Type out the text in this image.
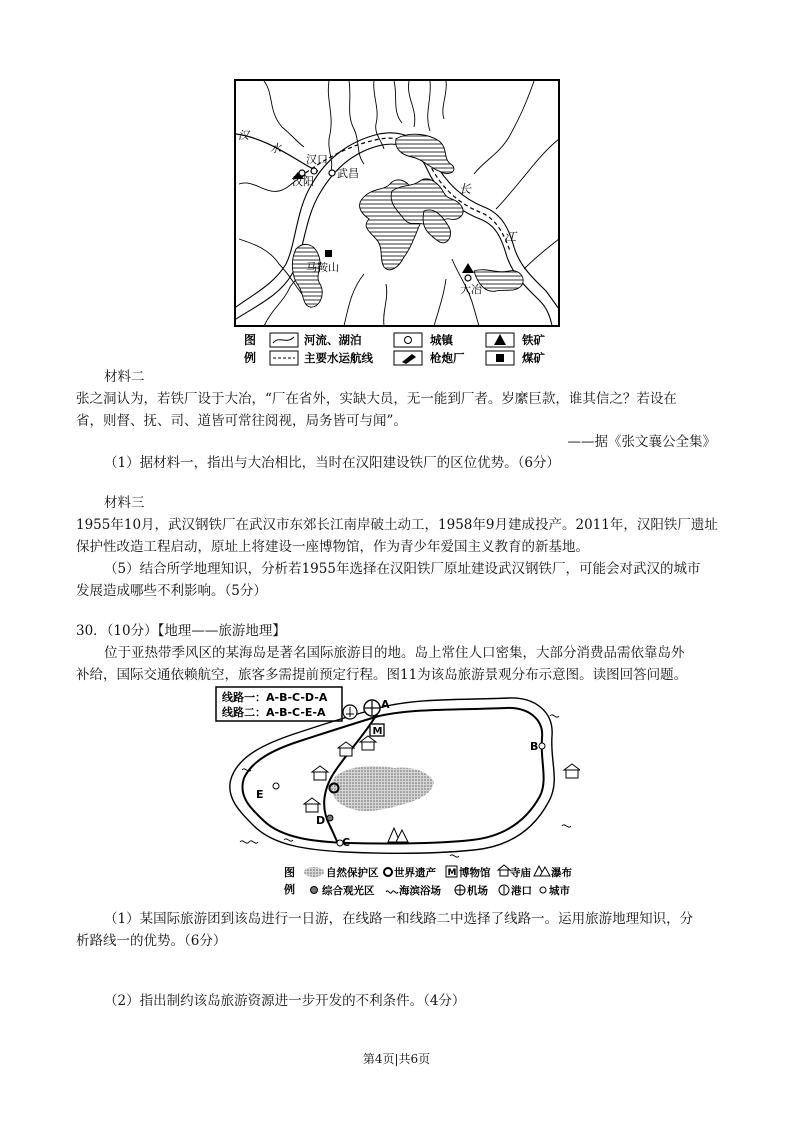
汉
水
汉口
汉阳
武昌
长
江
马鞍山
大冶
图
例
河流、湖泊	城镇	铁矿
主要水运航线	枪炮厂	煤矿
材料二
张之洞认为，若铁厂设于大冶，“厂在省外，实缺大员，无一能到厂者。岁縻巨款，谁其信之？若设在
省，则督、抚、司、道皆可常往阅视，局务皆可与闻”。
——据《张文襄公全集》
（1）据材料一，指出与大冶相比，当时在汉阳建设铁厂的区位优势。（6分）
材料三
1955年10月，武汉钢铁厂在武汉市东郊长江南岸破土动工，1958年9月建成投产。2011年，汉阳铁厂遗址
保护性改造工程启动，原址上将建设一座博物馆，作为青少年爱国主义教育的新基地。
（5）结合所学地理知识，分析若1955年选择在汉阳铁厂原址建设武汉钢铁厂，可能会对武汉的城市
发展造成哪些不利影响。（5分）
30．（10分）【地理——旅游地理】
位于亚热带季风区的某海岛是著名国际旅游目的地。岛上常住人口密集，大部分消费品需依靠岛外
补给，国际交通依赖航空，旅客多需提前预定行程。图11为该岛旅游景观分布示意图。读图回答问题。
线路一：A-B-C-D-A
线路二：A-B-C-E-A
A
M
B
C
D
E
图
例
自然保护区 世界遗产 M 博物馆 寺庙 瀑布
综合观光区 海滨浴场 机场 港口 城市
（1）某国际旅游团到该岛进行一日游，在线路一和线路二中选择了线路一。运用旅游地理知识，分
析路线一的优势。（6分）
（2）指出制约该岛旅游资源进一步开发的不利条件。（4分）
第4页|共6页
